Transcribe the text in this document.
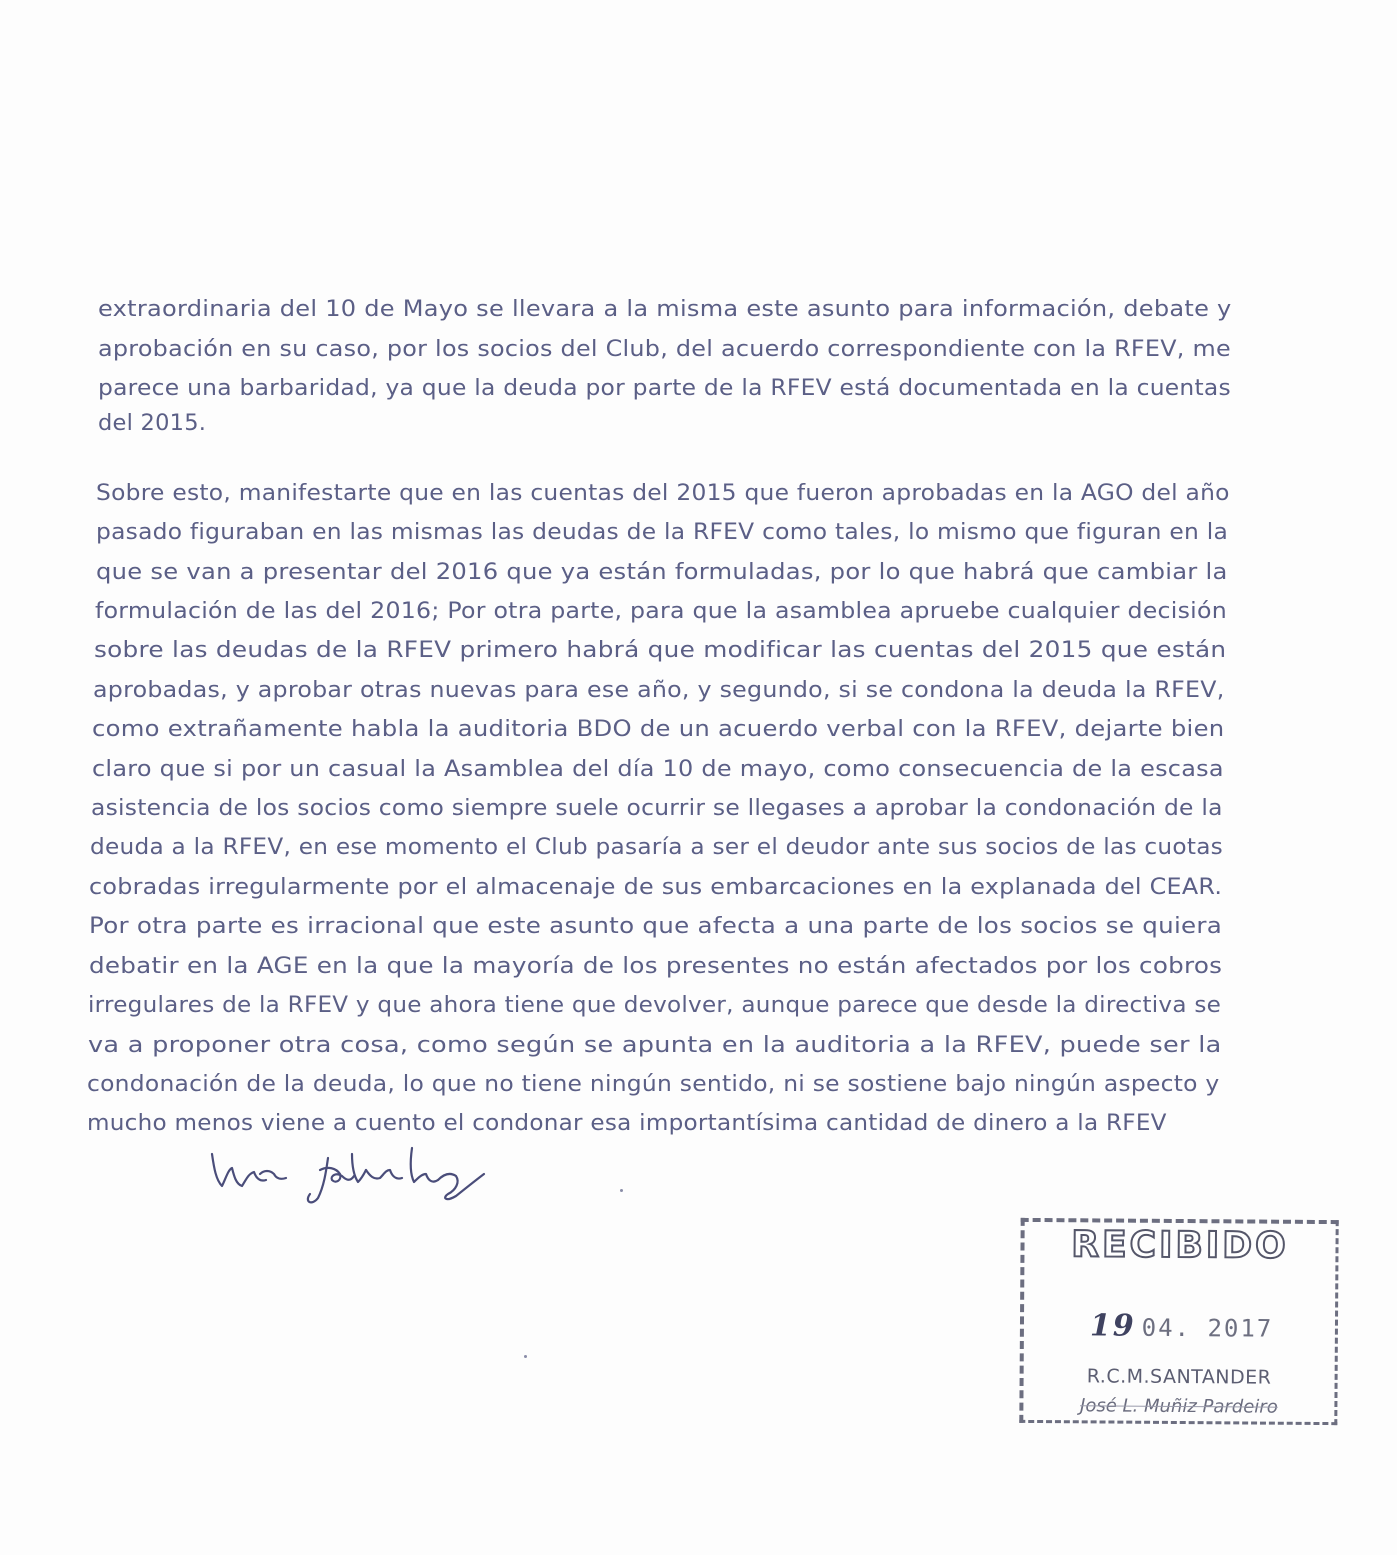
extraordinaria del 10 de Mayo se llevara a la misma este asunto para información, debate y

aprobación en su caso, por los socios del Club, del acuerdo correspondiente con la RFEV, me

parece una barbaridad, ya que la deuda por parte de la RFEV está documentada en la cuentas

del 2015.

Sobre esto, manifestarte que en las cuentas del 2015 que fueron aprobadas en la AGO del año

pasado figuraban en las mismas las deudas de la RFEV como tales, lo mismo que figuran en la

que se van a presentar del 2016 que ya están formuladas, por lo que habrá que cambiar la

formulación de las del 2016; Por otra parte, para que la asamblea apruebe cualquier decisión

sobre las deudas de la RFEV primero habrá que modificar las cuentas del 2015 que están

aprobadas, y aprobar otras nuevas para ese año, y segundo, si se condona la deuda la RFEV,

como extrañamente habla la auditoria BDO de un acuerdo verbal con la RFEV, dejarte bien

claro que si por un casual la Asamblea del día 10 de mayo, como consecuencia de la escasa

asistencia de los socios como siempre suele ocurrir se llegases a aprobar la condonación de la

deuda a la RFEV, en ese momento el Club pasaría a ser el deudor ante sus socios de las cuotas

cobradas irregularmente por el almacenaje de sus embarcaciones en la explanada del CEAR.

Por otra parte es irracional que este asunto que afecta a una parte de los socios se quiera

debatir en la AGE en la que la mayoría de los presentes no están afectados por los cobros

irregulares de la RFEV y que ahora tiene que devolver, aunque parece que desde la directiva se

va a proponer otra cosa, como según se apunta en la auditoria a la RFEV, puede ser la

condonación de la deuda, lo que no tiene ningún sentido, ni se sostiene bajo ningún aspecto y

mucho menos viene a cuento el condonar esa importantísima cantidad de dinero a la RFEV

RECIBIDO
19 04. 2017
R.C.M.SANTANDER
José L. Muñiz Pardeiro
